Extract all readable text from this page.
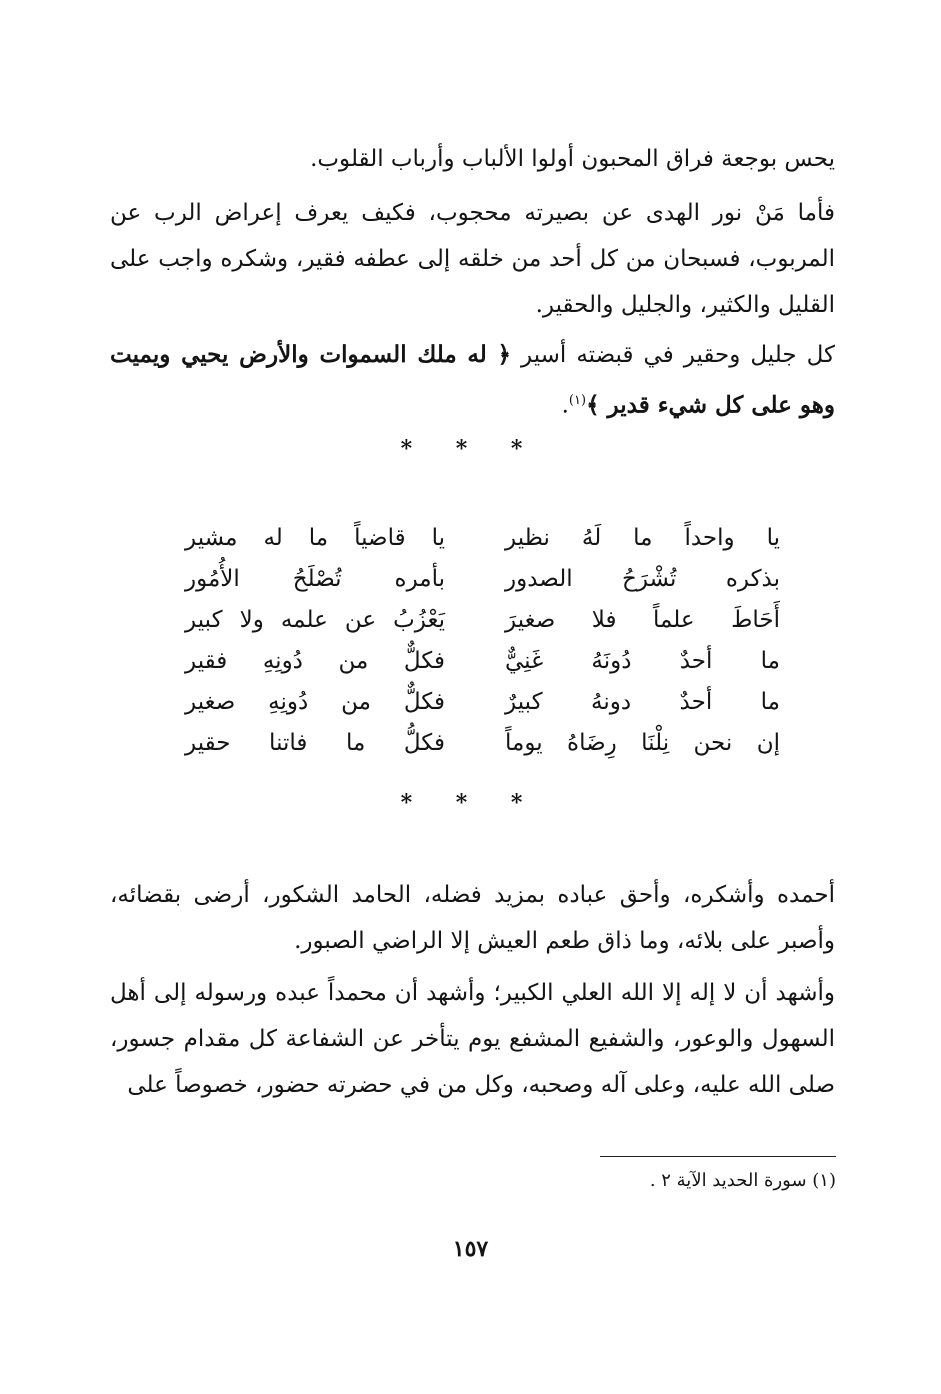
يحس بوجعة فراق المحبون أولوا الألباب وأرباب القلوب.

فأما مَنْ نور الهدى عن بصيرته محجوب، فكيف يعرف إعراض الرب عن المربوب، فسبحان من كل أحد من خلقه إلى عطفه فقير، وشكره واجب على القليل والكثير، والجليل والحقير.

كل جليل وحقير في قبضته أسير ﴿ له ملك السموات والأرض يحيي ويميت وهو على كل شيء قدير ﴾$^{(١)}$.

* * *
يا واحداً ما لَهُ نظير
يا قاضياً ما له مشير
بذكره تُشْرَحُ الصدور
بأمره تُصْلَحُ الأُمُور
أَحَاطَ علماً فلا صغيرَ
يَعْزُبُ عن علمه ولا كبير
ما أحدٌ دُونَهُ غَنِيٌّ
فكلٌّ من دُونِهِ فقير
ما أحدٌ دونهُ كبيرٌ
فكلٌّ من دُونِهِ صغير
إن نحن نِلْنَا رِضَاهُ يوماً
فكلُّ ما فاتنا حقير
* * *

أحمده وأشكره، وأحق عباده بمزيد فضله، الحامد الشكور، أرضى بقضائه، وأصبر على بلائه، وما ذاق طعم العيش إلا الراضي الصبور.

وأشهد أن لا إله إلا الله العلي الكبير؛ وأشهد أن محمداً عبده ورسوله إلى أهل السهول والوعور، والشفيع المشفع يوم يتأخر عن الشفاعة كل مقدام جسور، صلى الله عليه، وعلى آله وصحبه، وكل من في حضرته حضور، خصوصاً على

(١) سورة الحديد الآية ٢ .
١٥٧
